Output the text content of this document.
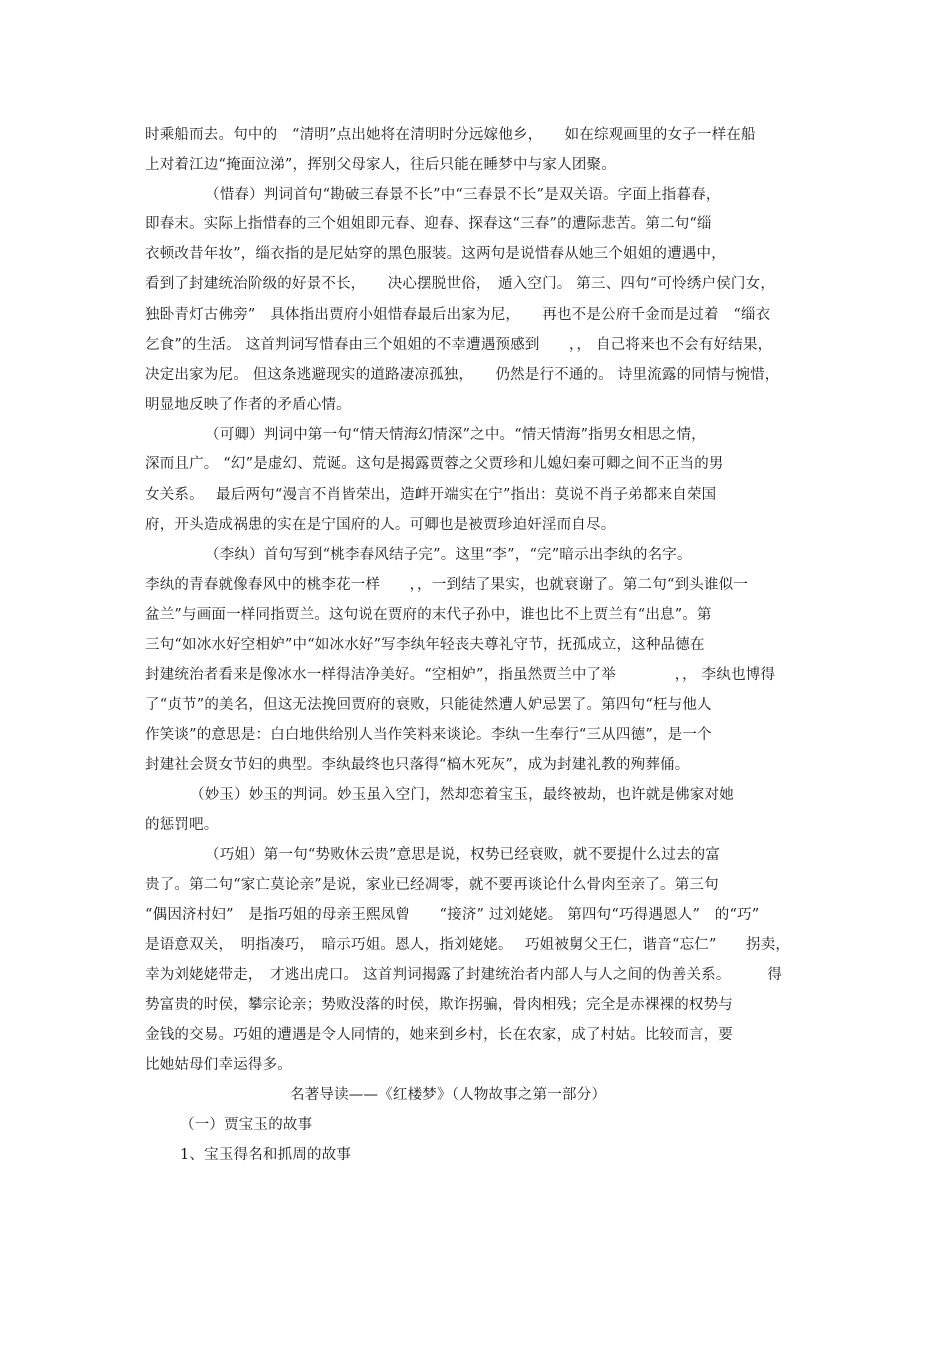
时乘船而去。句中的　“清明”点出她将在清明时分远嫁他乡，　　如在综观画里的女子一样在船
上对着江边“掩面泣涕”，挥别父母家人，往后只能在睡梦中与家人团聚。
（惜春）判词首句“勘破三春景不长”中“三春景不长”是双关语。字面上指暮春，
即春末。实际上指惜春的三个姐姐即元春、迎春、探春这“三春”的遭际悲苦。第二句“缁
衣顿改昔年妆”，缁衣指的是尼姑穿的黑色服装。这两句是说惜春从她三个姐姐的遭遇中，
看到了封建统治阶级的好景不长，　　决心摆脱世俗，　遁入空门。 第三、四句“可怜绣户侯门女，
独卧青灯古佛旁”　具体指出贾府小姐惜春最后出家为尼，　　再也不是公府千金而是过着　“缁衣
乞食”的生活。 这首判词写惜春由三个姐姐的不幸遭遇预感到　　，， 自己将来也不会有好结果，
决定出家为尼。 但这条逃避现实的道路凄凉孤独，　　仍然是行不通的。 诗里流露的同情与惋惜，
明显地反映了作者的矛盾心情。
（可卿）判词中第一句“情天情海幻情深”之中。“情天情海”指男女相思之情，
深而且广。 “幻”是虚幻、荒诞。这句是揭露贾蓉之父贾珍和儿媳妇秦可卿之间不正当的男
女关系。　 最后两句“漫言不肖皆荣出，造衅开端实在宁”指出：莫说不肖子弟都来自荣国
府，开头造成祸患的实在是宁国府的人。可卿也是被贾珍迫奸淫而自尽。
（李纨）首句写到“桃李春风结子完”。这里“李”，“完”暗示出李纨的名字。
李纨的青春就像春风中的桃李花一样　　，，一到结了果实，也就衰谢了。第二句“到头谁似一
盆兰”与画面一样同指贾兰。这句说在贾府的末代子孙中，谁也比不上贾兰有“出息”。第
三句“如冰水好空相妒”中“如冰水好”写李纨年轻丧夫尊礼守节，抚孤成立，这种品德在
封建统治者看来是像冰水一样得洁净美好。“空相妒”，指虽然贾兰中了举　　　　，， 李纨也博得
了“贞节”的美名，但这无法挽回贾府的衰败，只能徒然遭人妒忌罢了。第四句“枉与他人
作笑谈”的意思是：白白地供给别人当作笑料来谈论。李纨一生奉行“三从四德”，是一个
封建社会贤女节妇的典型。李纨最终也只落得“槁木死灰”，成为封建礼教的殉葬俑。
（妙玉）妙玉的判词。妙玉虽入空门，然却恋着宝玉，最终被劫，也许就是佛家对她
的惩罚吧。
（巧姐）第一句“势败休云贵”意思是说，权势已经衰败，就不要提什么过去的富
贵了。第二句“家亡莫论亲”是说，家业已经凋零，就不要再谈论什么骨肉至亲了。第三句
“偶因济村妇”　是指巧姐的母亲王熙凤曾　　“接济” 过刘姥姥。 第四句“巧得遇恩人”　的“巧”
是语意双关，　明指凑巧，　暗示巧姐。恩人，指刘姥姥。　 巧姐被舅父王仁，谐音“忘仁”　　拐卖，
幸为刘姥姥带走，　才逃出虎口。 这首判词揭露了封建统治者内部人与人之间的伪善关系。　　　得
势富贵的时侯，攀宗论亲；势败没落的时侯，欺诈拐骗，骨肉相残；完全是赤裸裸的权势与
金钱的交易。巧姐的遭遇是令人同情的，她来到乡村，长在农家，成了村姑。比较而言，要
比她姑母们幸运得多。
名著导读——《红楼梦》（人物故事之第一部分）
（一）贾宝玉的故事
1、宝玉得名和抓周的故事
